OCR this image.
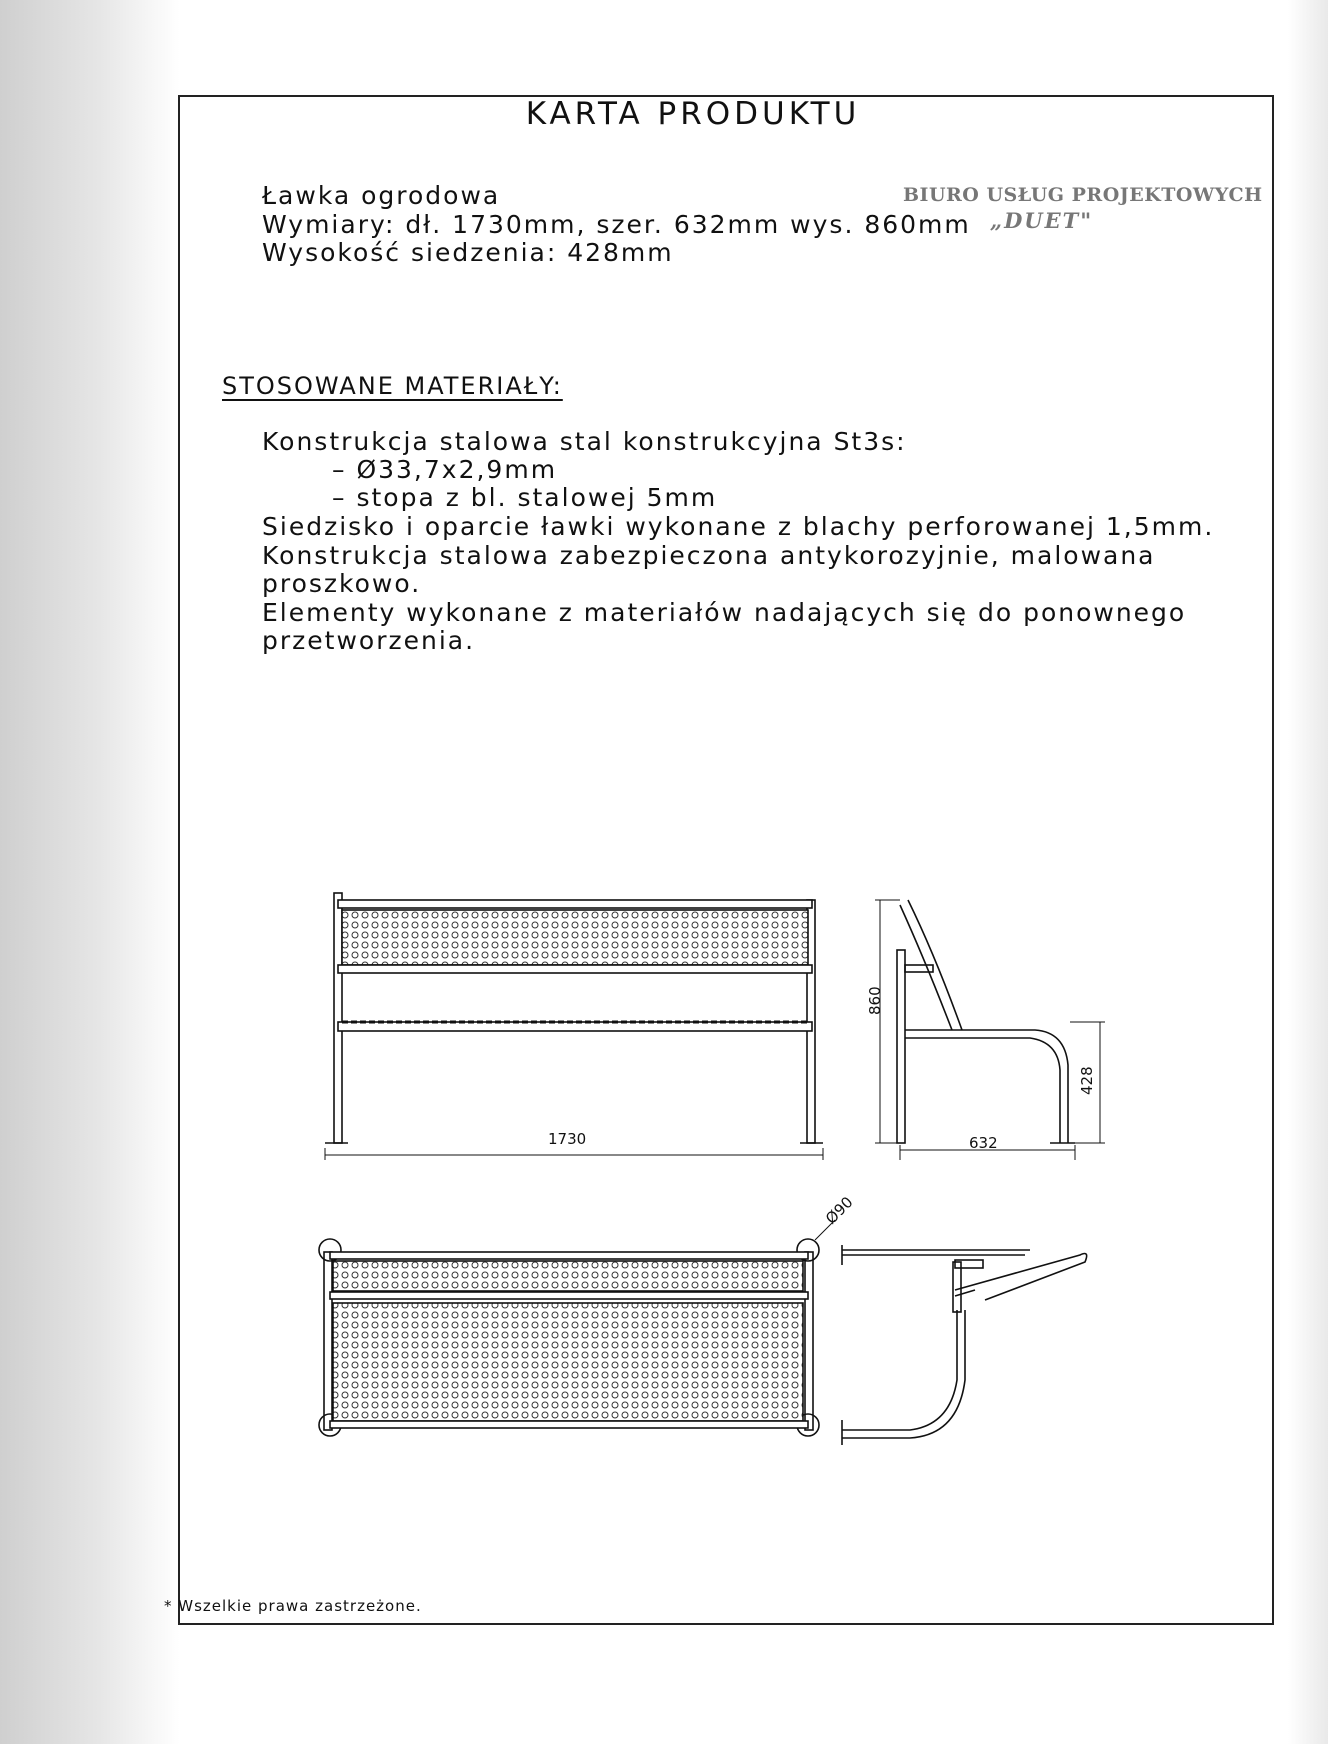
KARTA PRODUKTU
Ławka ogrodowa
Wymiary: dł. 1730mm, szer. 632mm wys. 860mm
Wysokość siedzenia: 428mm
BIURO USŁUG PROJEKTOWYCH
„DUET"
STOSOWANE MATERIAŁY:
Konstrukcja stalowa stal konstrukcyjna St3s:
– Ø33,7x2,9mm
– stopa z bl. stalowej 5mm
Siedzisko i oparcie ławki wykonane z blachy perforowanej 1,5mm.
Konstrukcja stalowa zabezpieczona antykorozyjnie, malowana
proszkowo.
Elementy wykonane z materiałów nadających się do ponownego
przetworzenia.
1730	632
860
428
Ø90
* Wszelkie prawa zastrzeżone.
